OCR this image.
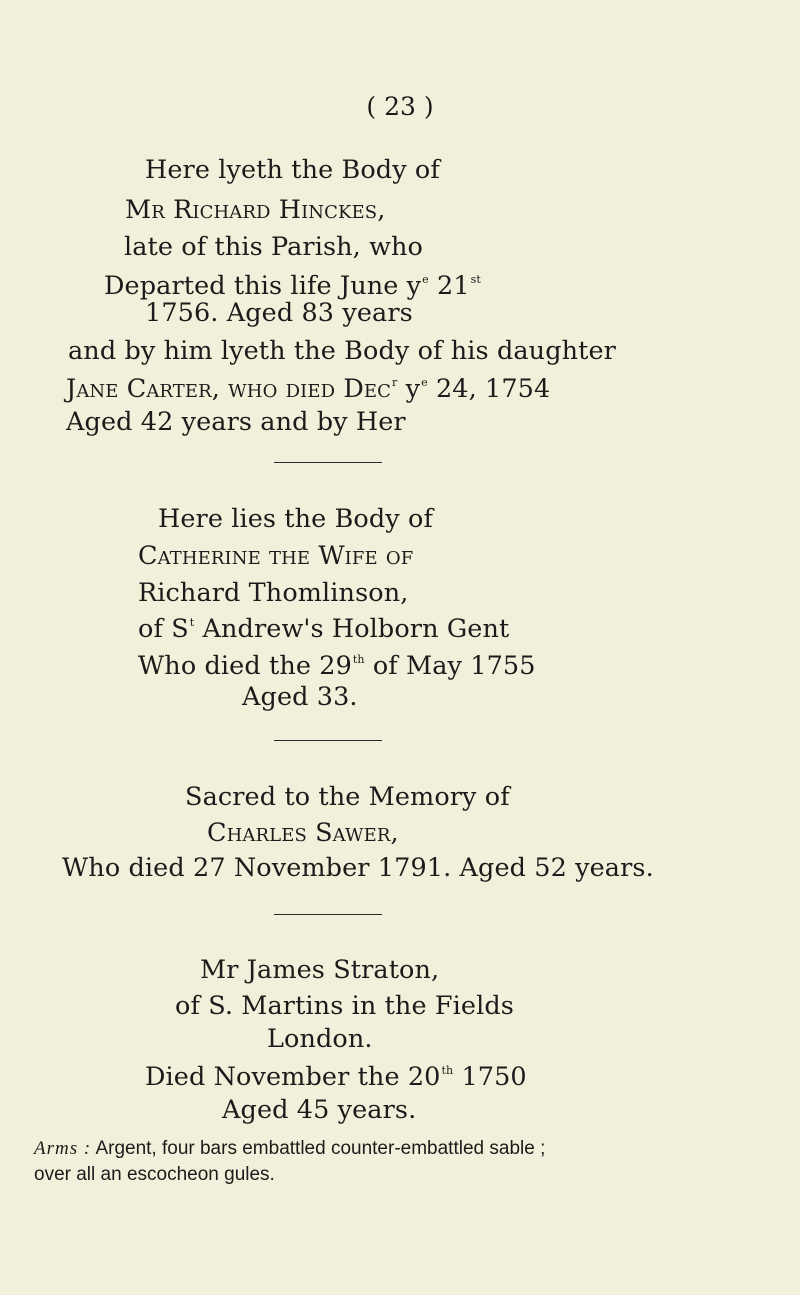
( 23 )
Here lyeth the Body of
Mr Richard Hinckes,
late of this Parish, who
Departed this life June $y^e$ 21st
1756. Aged 83 years
and by him lyeth the Body of his daughter
Jane Carter, who died Dec$^r$ $y^e$ 24, 1754
Aged 42 years and by Her
Here lies the Body of
Catherine the Wife of
Richard Thomlinson,
of $S^t$ Andrew's Holborn Gent
Who died the 29th of May 1755
Aged 33.
Sacred to the Memory of
Charles Sawer,
Who died 27 November 1791. Aged 52 years.
Mr James Straton,
of S. Martins in the Fields
London.
Died November the 20th 1750
Aged 45 years.
Arms : Argent, four bars embattled counter-embattled sable ;
over all an escocheon gules.
